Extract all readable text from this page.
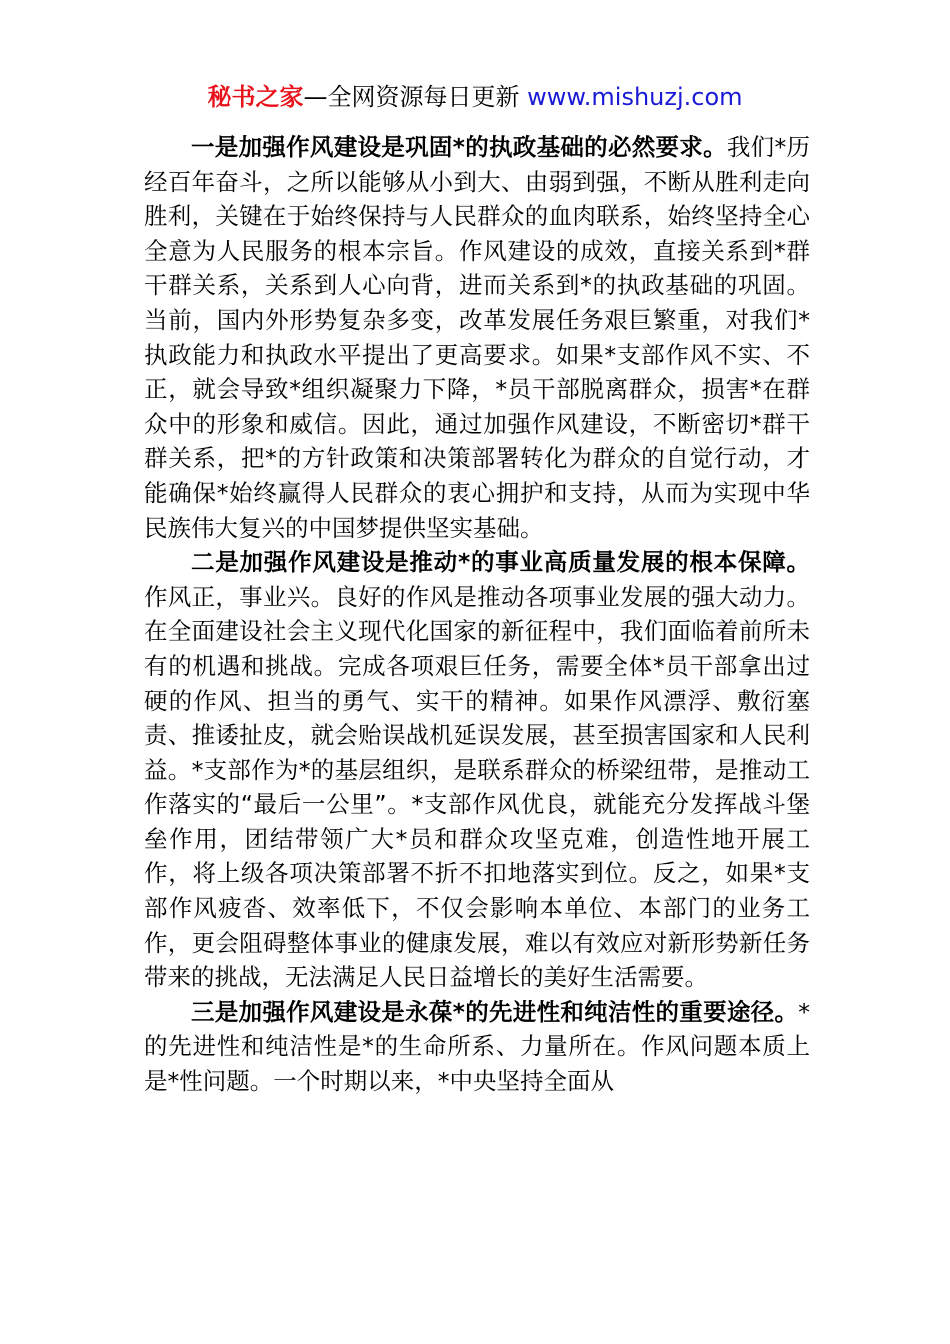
秘书之家—全网资源每日更新 www.mishuzj.com

一是加强作风建设是巩固*的执政基础的必然要求。我们*历经百年奋斗，之所以能够从小到大、由弱到强，不断从胜利走向胜利，关键在于始终保持与人民群众的血肉联系，始终坚持全心全意为人民服务的根本宗旨。作风建设的成效，直接关系到*群干群关系，关系到人心向背，进而关系到*的执政基础的巩固。当前，国内外形势复杂多变，改革发展任务艰巨繁重，对我们*执政能力和执政水平提出了更高要求。如果*支部作风不实、不正，就会导致*组织凝聚力下降，*员干部脱离群众，损害*在群众中的形象和威信。因此，通过加强作风建设，不断密切*群干群关系，把*的方针政策和决策部署转化为群众的自觉行动，才能确保*始终赢得人民群众的衷心拥护和支持，从而为实现中华民族伟大复兴的中国梦提供坚实基础。

二是加强作风建设是推动*的事业高质量发展的根本保障。作风正，事业兴。良好的作风是推动各项事业发展的强大动力。在全面建设社会主义现代化国家的新征程中，我们面临着前所未有的机遇和挑战。完成各项艰巨任务，需要全体*员干部拿出过硬的作风、担当的勇气、实干的精神。如果作风漂浮、敷衍塞责、推诿扯皮，就会贻误战机延误发展，甚至损害国家和人民利益。*支部作为*的基层组织，是联系群众的桥梁纽带，是推动工作落实的“最后一公里”。*支部作风优良，就能充分发挥战斗堡垒作用，团结带领广大*员和群众攻坚克难，创造性地开展工作，将上级各项决策部署不折不扣地落实到位。反之，如果*支部作风疲沓、效率低下，不仅会影响本单位、本部门的业务工作，更会阻碍整体事业的健康发展，难以有效应对新形势新任务带来的挑战，无法满足人民日益增长的美好生活需要。

三是加强作风建设是永葆*的先进性和纯洁性的重要途径。*的先进性和纯洁性是*的生命所系、力量所在。作风问题本质上是*性问题。一个时期以来，*中央坚持全面从
